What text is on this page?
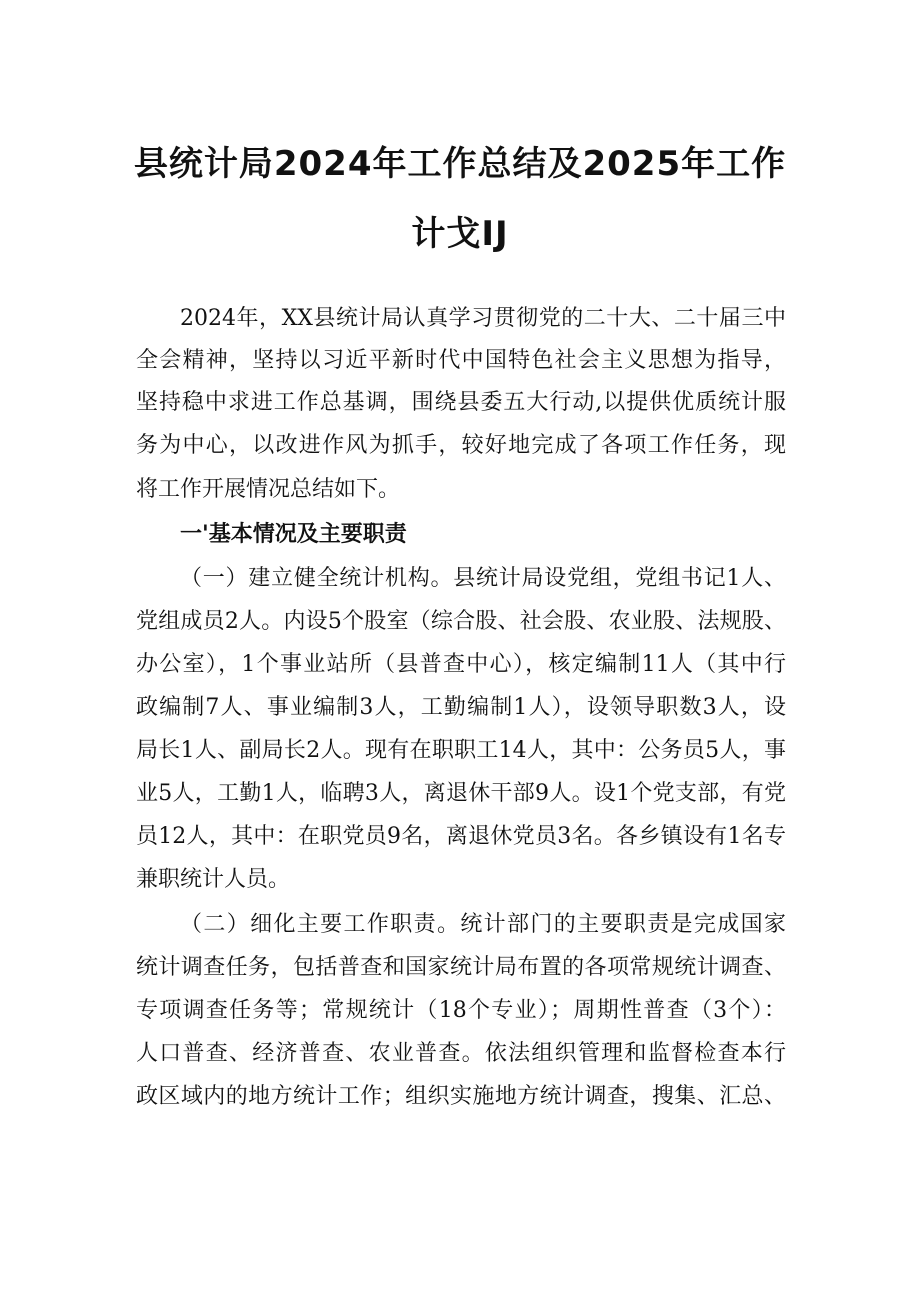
县统计局2024年工作总结及2025年工作
计戈IJ
2024年，XX县统计局认真学习贯彻党的二十大、二十届三中
全会精神，坚持以习近平新时代中国特色社会主义思想为指导，
坚持稳中求进工作总基调，围绕县委五大行动,以提供优质统计服
务为中心，以改进作风为抓手，较好地完成了各项工作任务，现
将工作开展情况总结如下。
一'基本情况及主要职责
（一）建立健全统计机构。县统计局设党组，党组书记1人、
党组成员2人。内设5个股室（综合股、社会股、农业股、法规股、
办公室），1个事业站所（县普查中心），核定编制11人（其中行
政编制7人、事业编制3人，工勤编制1人），设领导职数3人，设
局长1人、副局长2人。现有在职职工14人，其中：公务员5人，事
业5人，工勤1人，临聘3人，离退休干部9人。设1个党支部，有党
员12人，其中：在职党员9名，离退休党员3名。各乡镇设有1名专
兼职统计人员。
（二）细化主要工作职责。统计部门的主要职责是完成国家
统计调查任务，包括普查和国家统计局布置的各项常规统计调查、
专项调查任务等；常规统计（18个专业）；周期性普查（3个）：
人口普查、经济普查、农业普查。依法组织管理和监督检查本行
政区域内的地方统计工作；组织实施地方统计调查，搜集、汇总、
